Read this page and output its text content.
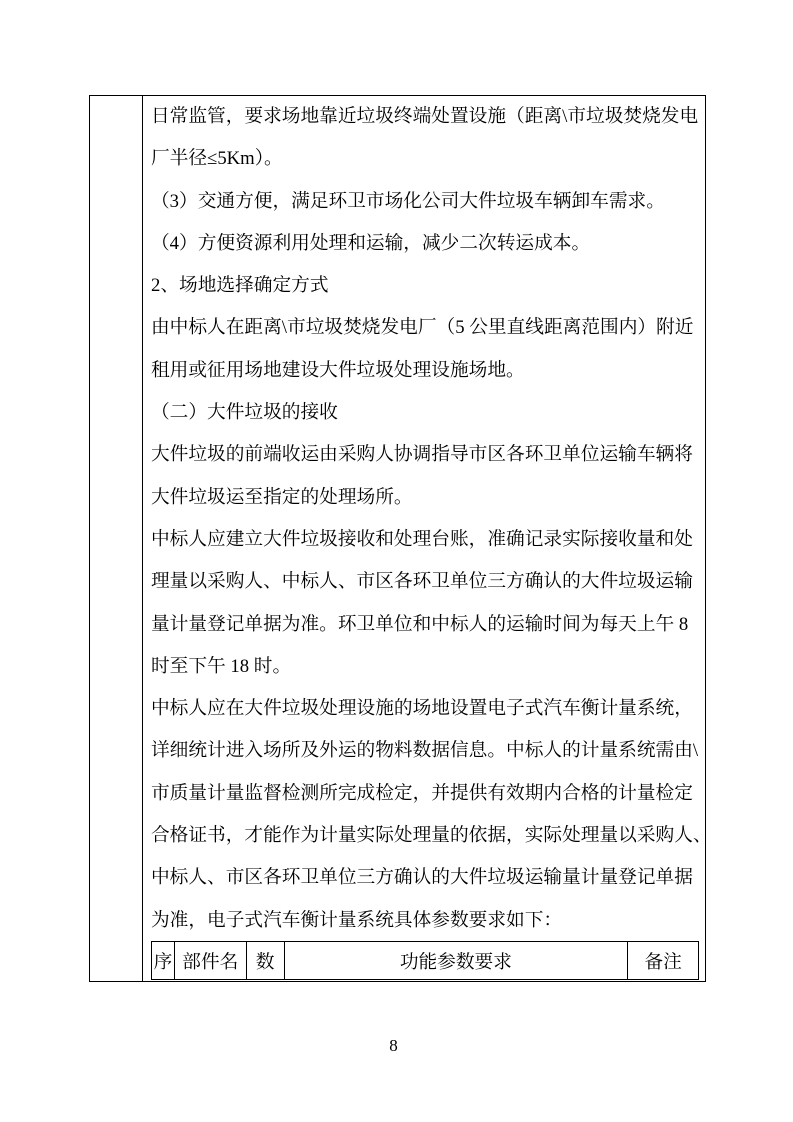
日常监管，要求场地靠近垃圾终端处置设施（距离\市垃圾焚烧发电
厂半径≤5Km）。
（3）交通方便，满足环卫市场化公司大件垃圾车辆卸车需求。
（4）方便资源利用处理和运输，减少二次转运成本。
2、场地选择确定方式
由中标人在距离\市垃圾焚烧发电厂（5 公里直线距离范围内）附近
租用或征用场地建设大件垃圾处理设施场地。
（二）大件垃圾的接收
大件垃圾的前端收运由采购人协调指导市区各环卫单位运输车辆将
大件垃圾运至指定的处理场所。
中标人应建立大件垃圾接收和处理台账，准确记录实际接收量和处
理量以采购人、中标人、市区各环卫单位三方确认的大件垃圾运输
量计量登记单据为准。环卫单位和中标人的运输时间为每天上午 8
时至下午 18 时。
中标人应在大件垃圾处理设施的场地设置电子式汽车衡计量系统，
详细统计进入场所及外运的物料数据信息。中标人的计量系统需由\
市质量计量监督检测所完成检定，并提供有效期内合格的计量检定
合格证书，才能作为计量实际处理量的依据，实际处理量以采购人、
中标人、市区各环卫单位三方确认的大件垃圾运输量计量登记单据
为准，电子式汽车衡计量系统具体参数要求如下：
序 部件名 数	功能参数要求	备注
8
